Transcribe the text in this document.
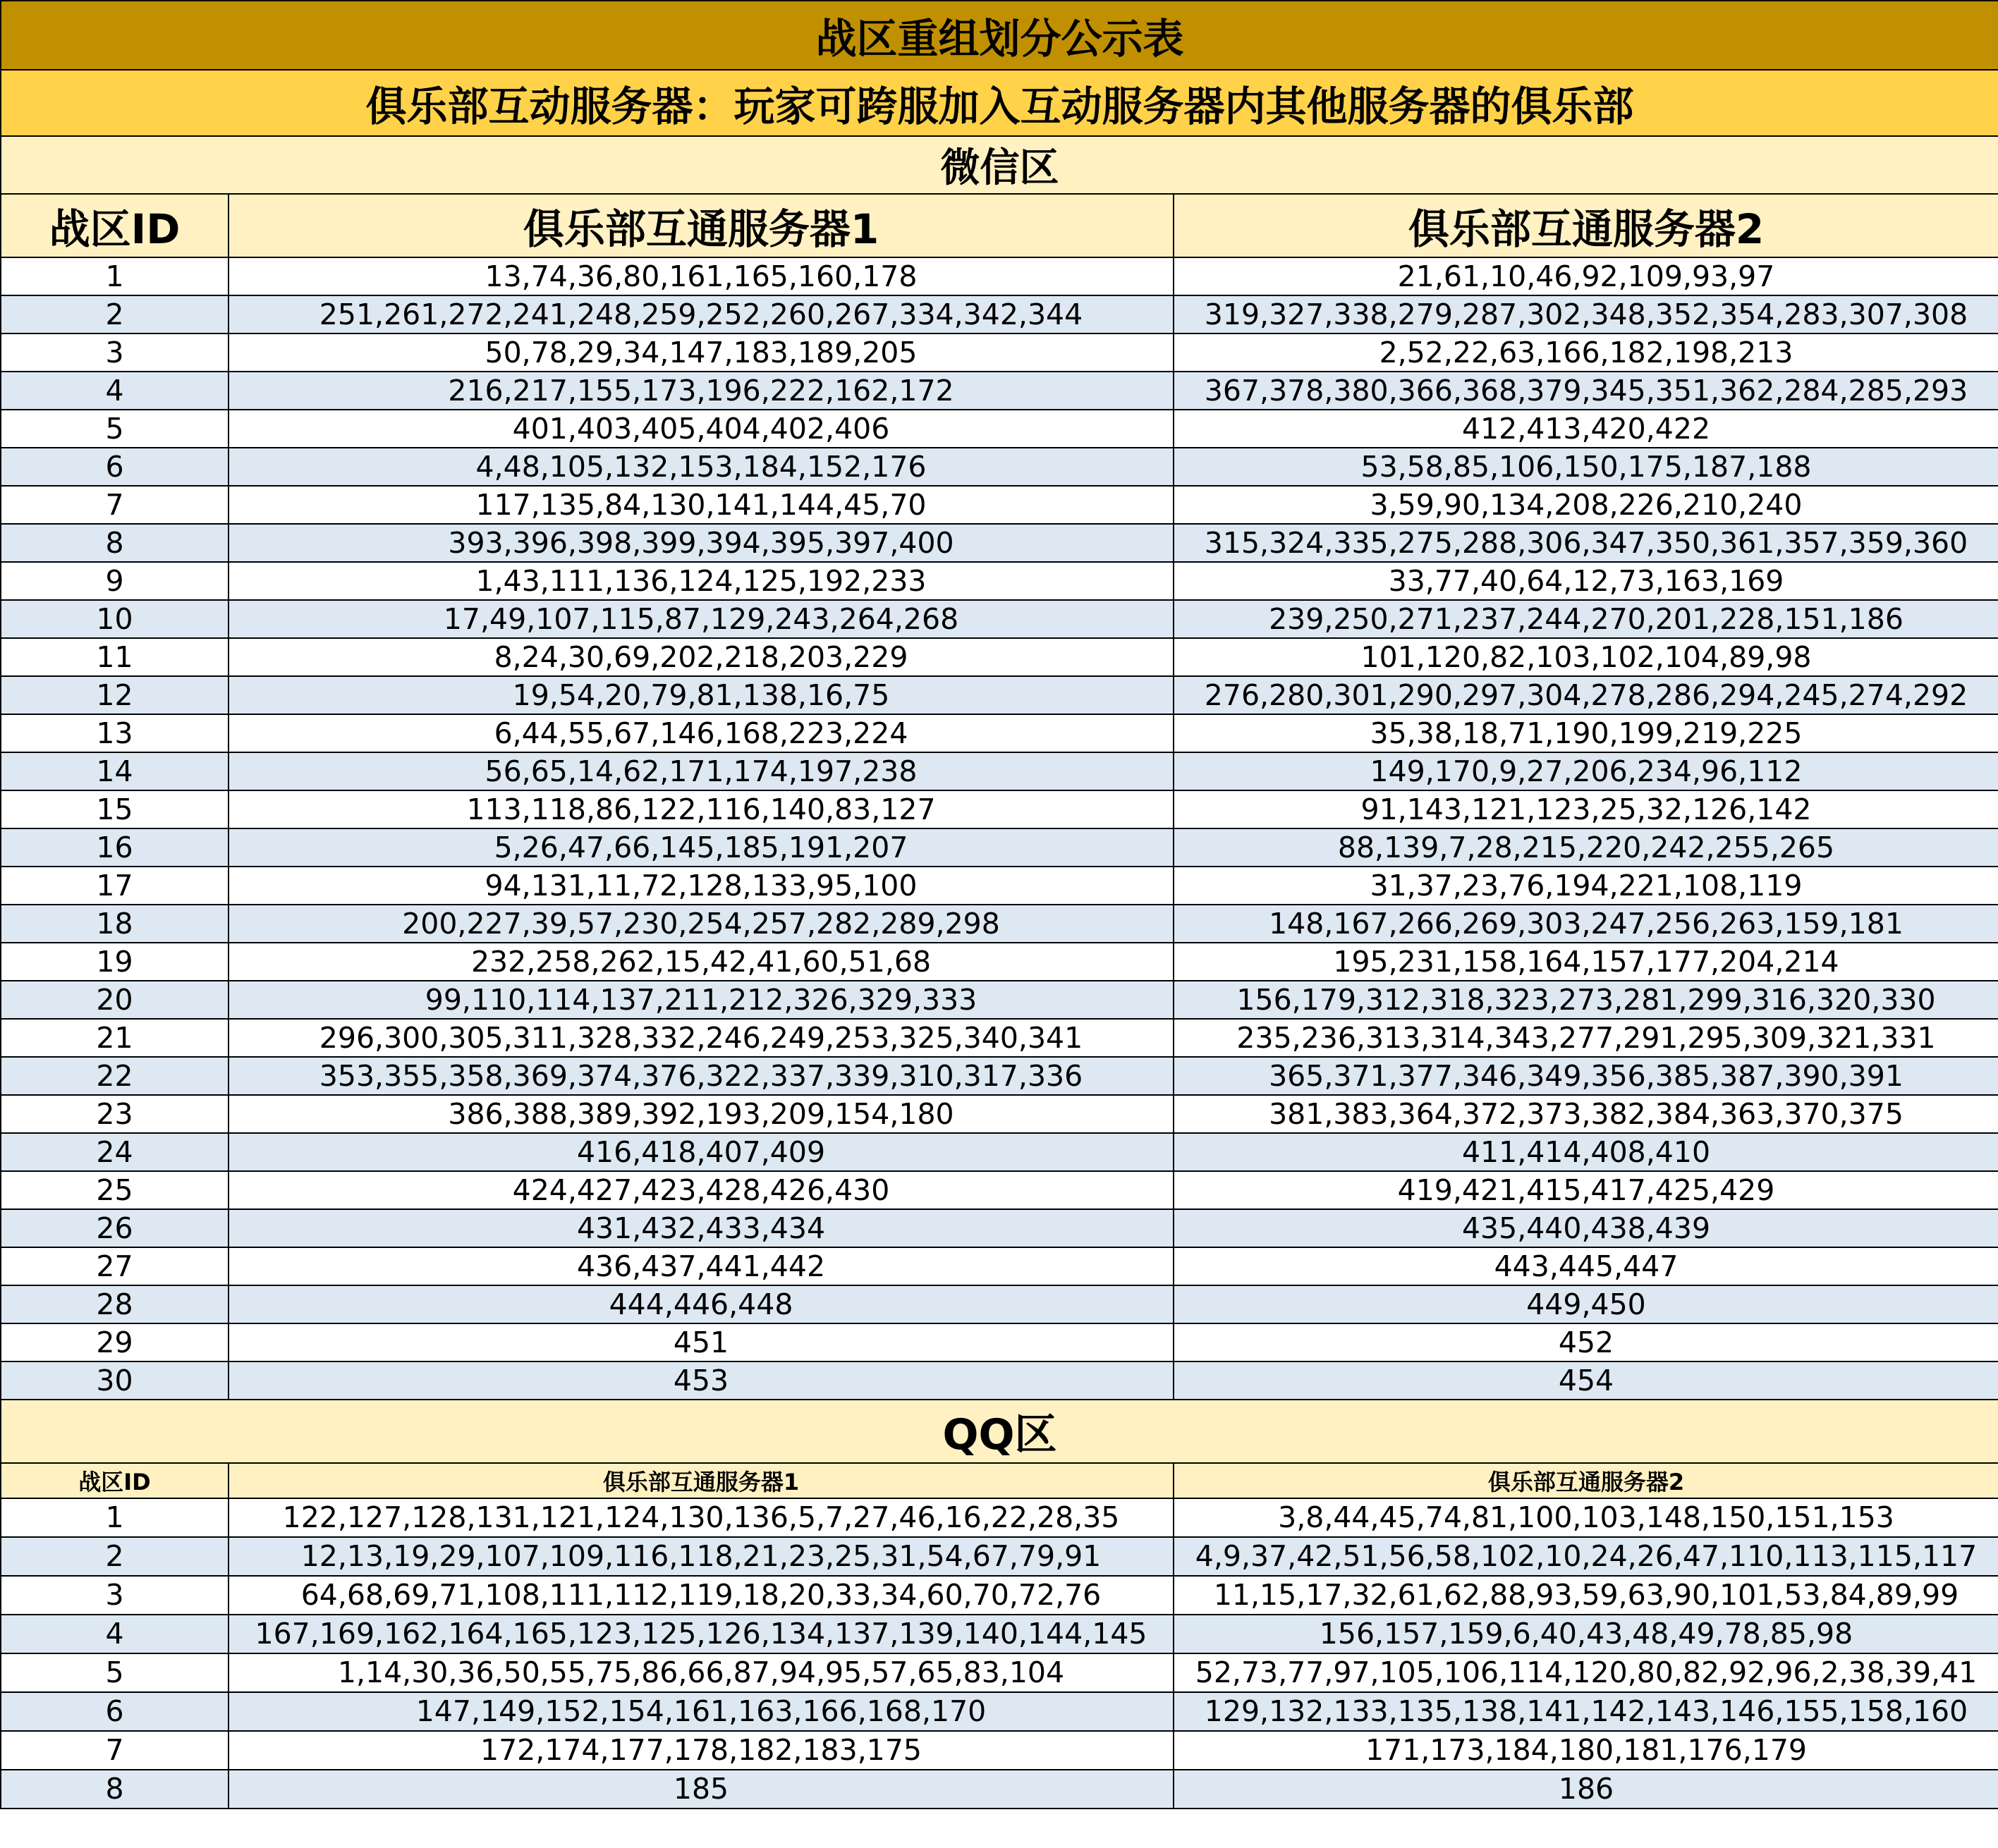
战区重组划分公示表		
俱乐部互动服务器：玩家可跨服加入互动服务器内其他服务器的俱乐部		
微信区		
战区ID	俱乐部互通服务器1	俱乐部互通服务器2
1	13,74,36,80,161,165,160,178	21,61,10,46,92,109,93,97
2	251,261,272,241,248,259,252,260,267,334,342,344	319,327,338,279,287,302,348,352,354,283,307,308
3	50,78,29,34,147,183,189,205	2,52,22,63,166,182,198,213
4	216,217,155,173,196,222,162,172	367,378,380,366,368,379,345,351,362,284,285,293
5	401,403,405,404,402,406	412,413,420,422
6	4,48,105,132,153,184,152,176	53,58,85,106,150,175,187,188
7	117,135,84,130,141,144,45,70	3,59,90,134,208,226,210,240
8	393,396,398,399,394,395,397,400	315,324,335,275,288,306,347,350,361,357,359,360
9	1,43,111,136,124,125,192,233	33,77,40,64,12,73,163,169
10	17,49,107,115,87,129,243,264,268	239,250,271,237,244,270,201,228,151,186
11	8,24,30,69,202,218,203,229	101,120,82,103,102,104,89,98
12	19,54,20,79,81,138,16,75	276,280,301,290,297,304,278,286,294,245,274,292
13	6,44,55,67,146,168,223,224	35,38,18,71,190,199,219,225
14	56,65,14,62,171,174,197,238	149,170,9,27,206,234,96,112
15	113,118,86,122,116,140,83,127	91,143,121,123,25,32,126,142
16	5,26,47,66,145,185,191,207	88,139,7,28,215,220,242,255,265
17	94,131,11,72,128,133,95,100	31,37,23,76,194,221,108,119
18	200,227,39,57,230,254,257,282,289,298	148,167,266,269,303,247,256,263,159,181
19	232,258,262,15,42,41,60,51,68	195,231,158,164,157,177,204,214
20	99,110,114,137,211,212,326,329,333	156,179,312,318,323,273,281,299,316,320,330
21	296,300,305,311,328,332,246,249,253,325,340,341	235,236,313,314,343,277,291,295,309,321,331
22	353,355,358,369,374,376,322,337,339,310,317,336	365,371,377,346,349,356,385,387,390,391
23	386,388,389,392,193,209,154,180	381,383,364,372,373,382,384,363,370,375
24	416,418,407,409	411,414,408,410
25	424,427,423,428,426,430	419,421,415,417,425,429
26	431,432,433,434	435,440,438,439
27	436,437,441,442	443,445,447
28	444,446,448	449,450
29	451	452
30	453	454
QQ区		
战区ID	俱乐部互通服务器1	俱乐部互通服务器2
1	122,127,128,131,121,124,130,136,5,7,27,46,16,22,28,35	3,8,44,45,74,81,100,103,148,150,151,153
2	12,13,19,29,107,109,116,118,21,23,25,31,54,67,79,91	4,9,37,42,51,56,58,102,10,24,26,47,110,113,115,117
3	64,68,69,71,108,111,112,119,18,20,33,34,60,70,72,76	11,15,17,32,61,62,88,93,59,63,90,101,53,84,89,99
4	167,169,162,164,165,123,125,126,134,137,139,140,144,145	156,157,159,6,40,43,48,49,78,85,98
5	1,14,30,36,50,55,75,86,66,87,94,95,57,65,83,104	52,73,77,97,105,106,114,120,80,82,92,96,2,38,39,41
6	147,149,152,154,161,163,166,168,170	129,132,133,135,138,141,142,143,146,155,158,160
7	172,174,177,178,182,183,175	171,173,184,180,181,176,179
8	185	186
